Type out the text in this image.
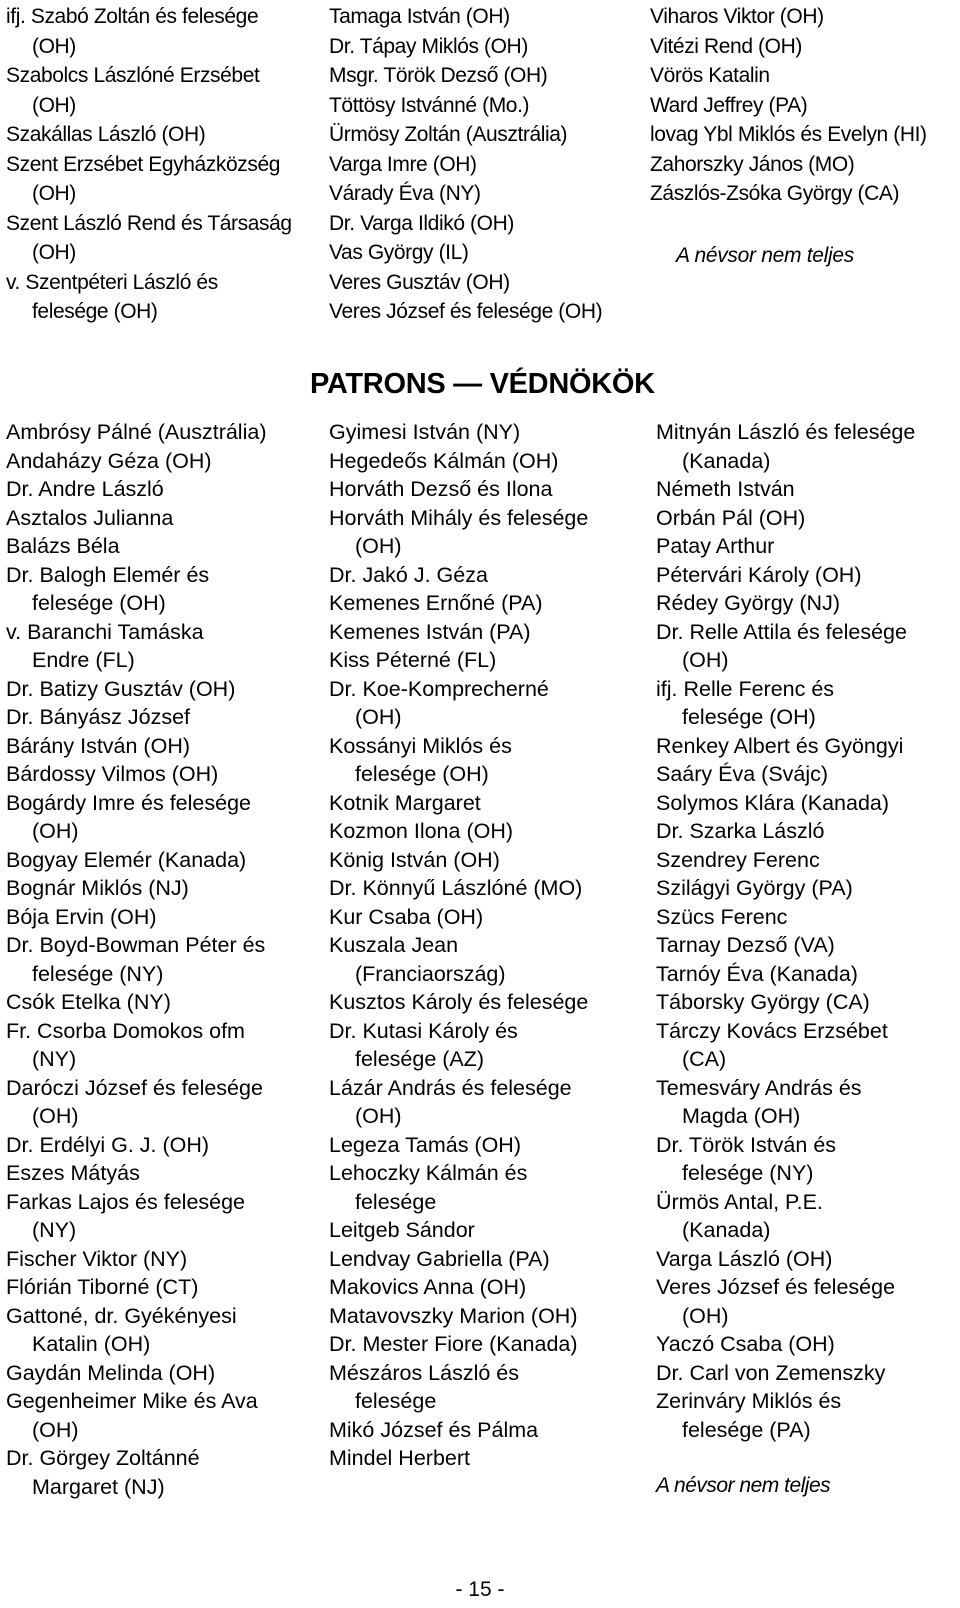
ifj. Szabó Zoltán és felesége
(OH)
Szabolcs Lászlóné Erzsébet
(OH)
Szakállas László (OH)
Szent Erzsébet Egyházközség
(OH)
Szent László Rend és Társaság
(OH)
v. Szentpéteri László és
felesége (OH)
Tamaga István (OH)
Dr. Tápay Miklós (OH)
Msgr. Török Dezső (OH)
Töttösy Istvánné (Mo.)
Ürmösy Zoltán (Ausztrália)
Varga Imre (OH)
Várady Éva (NY)
Dr. Varga Ildikó (OH)
Vas György (IL)
Veres Gusztáv (OH)
Veres József és felesége (OH)
Viharos Viktor (OH)
Vitézi Rend (OH)
Vörös Katalin
Ward Jeffrey (PA)
lovag Ybl Miklós és Evelyn (HI)
Zahorszky János (MO)
Zászlós-Zsóka György (CA)
A névsor nem teljes
PATRONS — VÉDNÖKÖK
Ambrósy Pálné (Ausztrália)
Andaházy Géza (OH)
Dr. Andre László
Asztalos Julianna
Balázs Béla
Dr. Balogh Elemér és
felesége (OH)
v. Baranchi Tamáska
Endre (FL)
Dr. Batizy Gusztáv (OH)
Dr. Bányász József
Bárány István (OH)
Bárdossy Vilmos (OH)
Bogárdy Imre és felesége
(OH)
Bogyay Elemér (Kanada)
Bognár Miklós (NJ)
Bója Ervin (OH)
Dr. Boyd-Bowman Péter és
felesége (NY)
Csók Etelka (NY)
Fr. Csorba Domokos ofm
(NY)
Daróczi József és felesége
(OH)
Dr. Erdélyi G. J. (OH)
Eszes Mátyás
Farkas Lajos és felesége
(NY)
Fischer Viktor (NY)
Flórián Tiborné (CT)
Gattoné, dr. Gyékényesi
Katalin (OH)
Gaydán Melinda (OH)
Gegenheimer Mike és Ava
(OH)
Dr. Görgey Zoltánné
Margaret (NJ)
Gyimesi István (NY)
Hegedeős Kálmán (OH)
Horváth Dezső és Ilona
Horváth Mihály és felesége
(OH)
Dr. Jakó J. Géza
Kemenes Ernőné (PA)
Kemenes István (PA)
Kiss Péterné (FL)
Dr. Koe-Komprecherné
(OH)
Kossányi Miklós és
felesége (OH)
Kotnik Margaret
Kozmon Ilona (OH)
König István (OH)
Dr. Könnyű Lászlóné (MO)
Kur Csaba (OH)
Kuszala Jean
(Franciaország)
Kusztos Károly és felesége
Dr. Kutasi Károly és
felesége (AZ)
Lázár András és felesége
(OH)
Legeza Tamás (OH)
Lehoczky Kálmán és
felesége
Leitgeb Sándor
Lendvay Gabriella (PA)
Makovics Anna (OH)
Matavovszky Marion (OH)
Dr. Mester Fiore (Kanada)
Mészáros László és
felesége
Mikó József és Pálma
Mindel Herbert
Mitnyán László és felesége
(Kanada)
Németh István
Orbán Pál (OH)
Patay Arthur
Pétervári Károly (OH)
Rédey György (NJ)
Dr. Relle Attila és felesége
(OH)
ifj. Relle Ferenc és
felesége (OH)
Renkey Albert és Gyöngyi
Saáry Éva (Svájc)
Solymos Klára (Kanada)
Dr. Szarka László
Szendrey Ferenc
Szilágyi György (PA)
Szücs Ferenc
Tarnay Dezső (VA)
Tarnóy Éva (Kanada)
Táborsky György (CA)
Tárczy Kovács Erzsébet
(CA)
Temesváry András és
Magda (OH)
Dr. Török István és
felesége (NY)
Ürmös Antal, P.E.
(Kanada)
Varga László (OH)
Veres József és felesége
(OH)
Yaczó Csaba (OH)
Dr. Carl von Zemenszky
Zerinváry Miklós és
felesége (PA)
A névsor nem teljes
- 15 -
